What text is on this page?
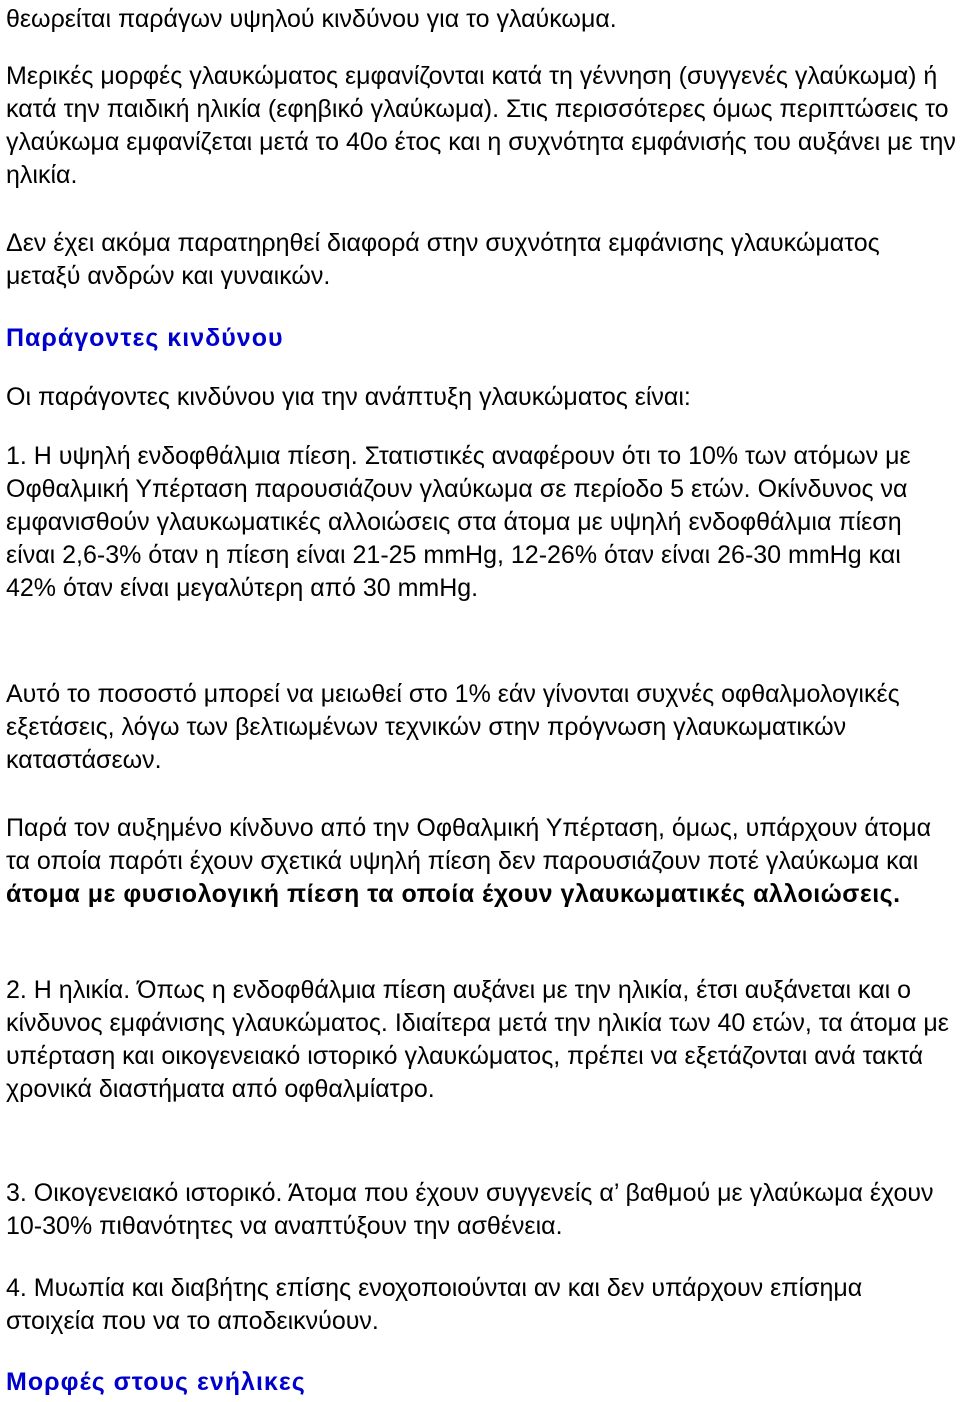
θεωρείται παράγων υψηλού κινδύνου για το γλαύκωμα.

Μερικές μορφές γλαυκώματος εμφανίζονται κατά τη γέννηση (συγγενές γλαύκωμα) ή κατά την παιδική ηλικία (εφηβικό γλαύκωμα). Στις περισσότερες όμως περιπτώσεις το γλαύκωμα εμφανίζεται μετά το 40ο έτος και η συχνότητα εμφάνισής του αυξάνει με την ηλικία.

Δεν έχει ακόμα παρατηρηθεί διαφορά στην συχνότητα εμφάνισης γλαυκώματος μεταξύ ανδρών και γυναικών.

Παράγοντες κινδύνου

Οι παράγοντες κινδύνου για την ανάπτυξη γλαυκώματος είναι:

1. Η υψηλή ενδοφθάλμια πίεση. Στατιστικές αναφέρουν ότι το 10% των ατόμων με Οφθαλμική Υπέρταση παρουσιάζουν γλαύκωμα σε περίοδο 5 ετών. Οκίνδυνος να εμφανισθούν γλαυκωματικές αλλοιώσεις στα άτομα με υψηλή ενδοφθάλμια πίεση είναι 2,6-3% όταν η πίεση είναι 21-25 mmHg, 12-26% όταν είναι 26-30 mmHg και 42% όταν είναι μεγαλύτερη από 30 mmHg.

Αυτό το ποσοστό μπορεί να μειωθεί στο 1% εάν γίνονται συχνές οφθαλμολογικές εξετάσεις, λόγω των βελτιωμένων τεχνικών στην πρόγνωση γλαυκωματικών καταστάσεων.

Παρά τον αυξημένο κίνδυνο από την Οφθαλμική Υπέρταση, όμως, υπάρχουν άτομα τα οποία παρότι έχουν σχετικά υψηλή πίεση δεν παρουσιάζουν ποτέ γλαύκωμα και άτομα με φυσιολογική πίεση τα οποία έχουν γλαυκωματικές αλλοιώσεις.

2. Η ηλικία. Όπως η ενδοφθάλμια πίεση αυξάνει με την ηλικία, έτσι αυξάνεται και ο κίνδυνος εμφάνισης γλαυκώματος. Ιδιαίτερα μετά την ηλικία των 40 ετών, τα άτομα με υπέρταση και οικογενειακό ιστορικό γλαυκώματος, πρέπει να εξετάζονται ανά τακτά χρονικά διαστήματα από οφθαλμίατρο.

3. Οικογενειακό ιστορικό. Άτομα που έχουν συγγενείς α’ βαθμού με γλαύκωμα έχουν 10-30% πιθανότητες να αναπτύξουν την ασθένεια.

4. Μυωπία και διαβήτης επίσης ενοχοποιούνται αν και δεν υπάρχουν επίσημα στοιχεία που να το αποδεικνύουν.

Μορφές στους ενήλικες
